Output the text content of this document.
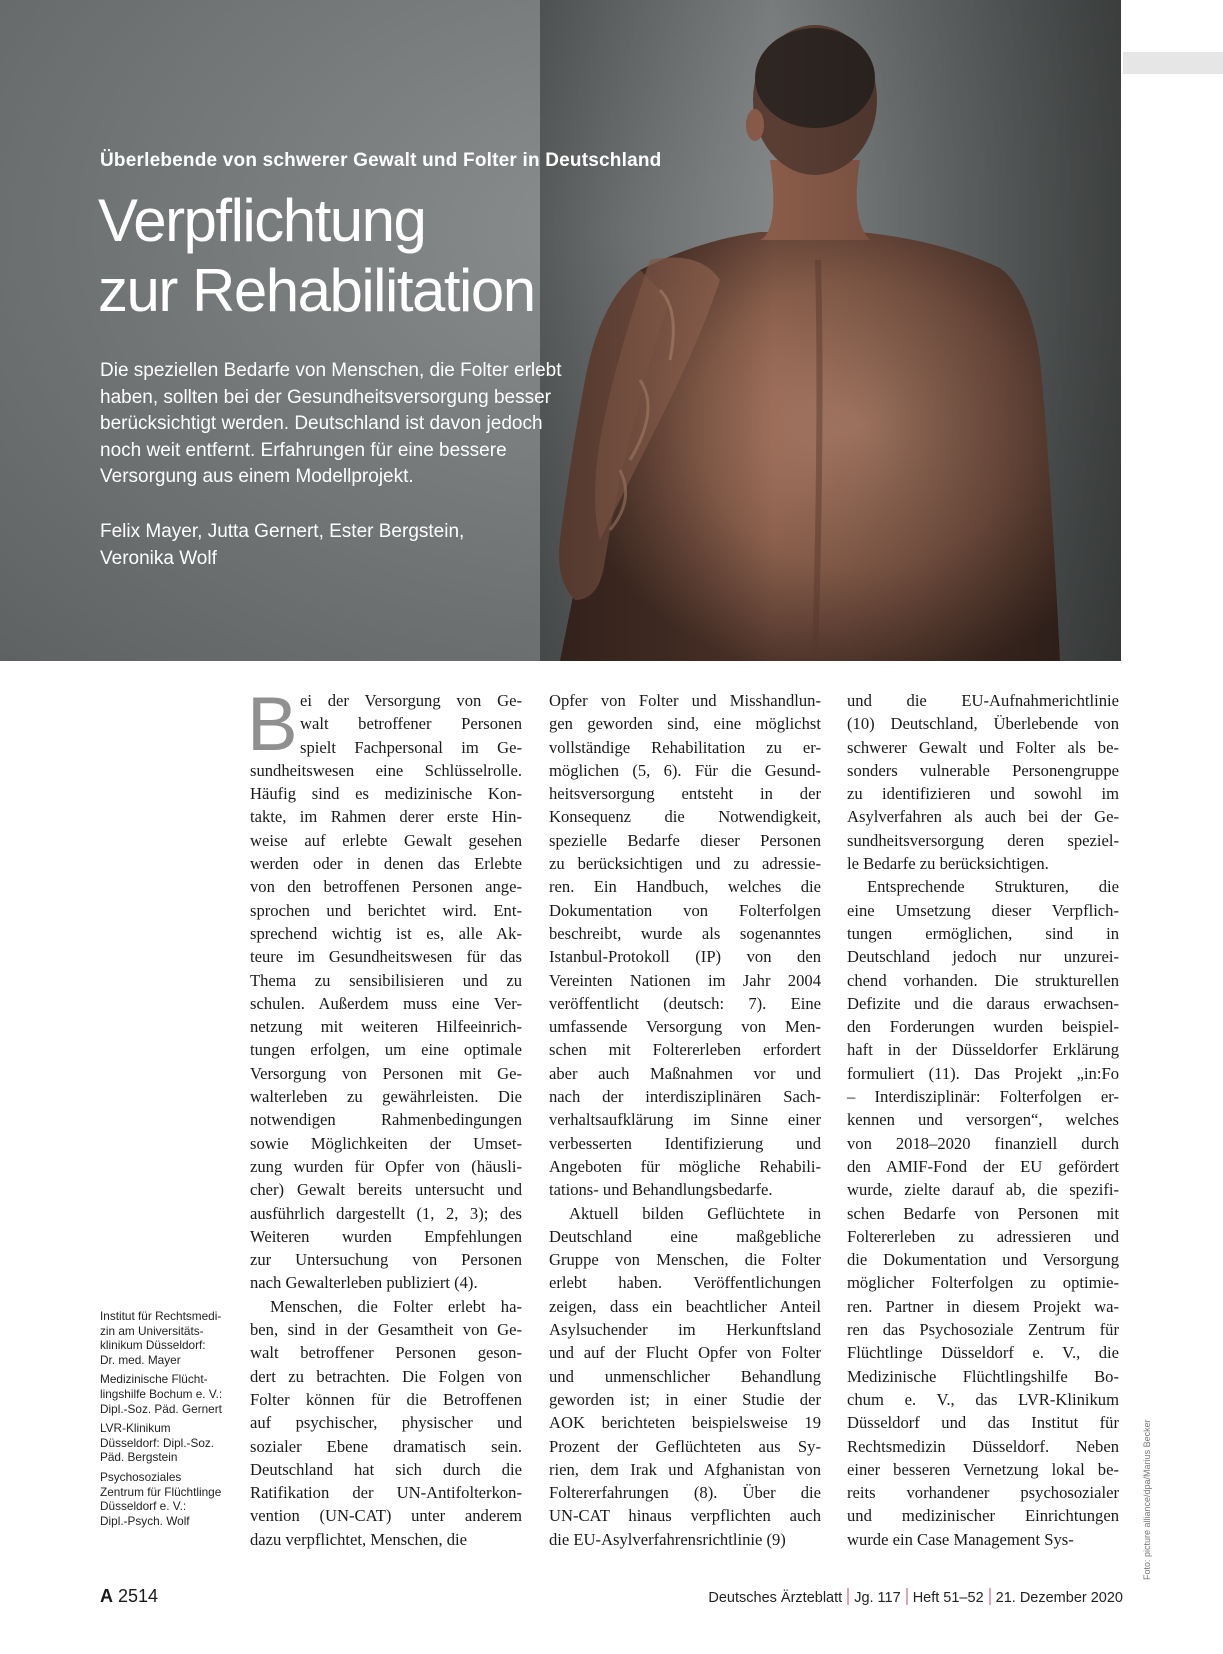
Überlebende von schwerer Gewalt und Folter in Deutschland
Verpflichtung
zur Rehabilitation
Die speziellen Bedarfe von Menschen, die Folter erlebt
haben, sollten bei der Gesundheitsversorgung besser
berücksichtigt werden. Deutschland ist davon jedoch
noch weit entfernt. Erfahrungen für eine bessere
Versorgung aus einem Modellprojekt.
Felix Mayer, Jutta Gernert, Ester Bergstein,
Veronika Wolf
B ei der Versorgung von Ge-
walt betroffener Personen
spielt Fachpersonal im Ge-
sundheitswesen eine Schlüsselrolle.
Häufig sind es medizinische Kon-
takte, im Rahmen derer erste Hin-
weise auf erlebte Gewalt gesehen
werden oder in denen das Erlebte
von den betroffenen Personen ange-
sprochen und berichtet wird. Ent-
sprechend wichtig ist es, alle Ak-
teure im Gesundheitswesen für das
Thema zu sensibilisieren und zu
schulen. Außerdem muss eine Ver-
netzung mit weiteren Hilfeeinrich-
tungen erfolgen, um eine optimale
Versorgung von Personen mit Ge-
walterleben zu gewährleisten. Die
notwendigen Rahmenbedingungen
sowie Möglichkeiten der Umset-
zung wurden für Opfer von (häusli-
cher) Gewalt bereits untersucht und
ausführlich dargestellt (1, 2, 3); des
Weiteren wurden Empfehlungen
zur Untersuchung von Personen
nach Gewalterleben publiziert (4).
Menschen, die Folter erlebt ha-
ben, sind in der Gesamtheit von Ge-
walt betroffener Personen geson-
dert zu betrachten. Die Folgen von
Folter können für die Betroffenen
auf psychischer, physischer und
sozialer Ebene dramatisch sein.
Deutschland hat sich durch die
Ratifikation der UN-Antifolterkon-
vention (UN-CAT) unter anderem
dazu verpflichtet, Menschen, die
Opfer von Folter und Misshandlun-
gen geworden sind, eine möglichst
vollständige Rehabilitation zu er-
möglichen (5, 6). Für die Gesund-
heitsversorgung entsteht in der
Konsequenz die Notwendigkeit,
spezielle Bedarfe dieser Personen
zu berücksichtigen und zu adressie-
ren. Ein Handbuch, welches die
Dokumentation von Folterfolgen
beschreibt, wurde als sogenanntes
Istanbul-Protokoll (IP) von den
Vereinten Nationen im Jahr 2004
veröffentlicht (deutsch: 7). Eine
umfassende Versorgung von Men-
schen mit Foltererleben erfordert
aber auch Maßnahmen vor und
nach der interdisziplinären Sach-
verhaltsaufklärung im Sinne einer
verbesserten Identifizierung und
Angeboten für mögliche Rehabili-
tations- und Behandlungsbedarfe.
Aktuell bilden Geflüchtete in
Deutschland eine maßgebliche
Gruppe von Menschen, die Folter
erlebt haben. Veröffentlichungen
zeigen, dass ein beachtlicher Anteil
Asylsuchender im Herkunftsland
und auf der Flucht Opfer von Folter
und unmenschlicher Behandlung
geworden ist; in einer Studie der
AOK berichteten beispielsweise 19
Prozent der Geflüchteten aus Sy-
rien, dem Irak und Afghanistan von
Foltererfahrungen (8). Über die
UN-CAT hinaus verpflichten auch
die EU-Asylverfahrensrichtlinie (9)
und die EU-Aufnahmerichtlinie
(10) Deutschland, Überlebende von
schwerer Gewalt und Folter als be-
sonders vulnerable Personengruppe
zu identifizieren und sowohl im
Asylverfahren als auch bei der Ge-
sundheitsversorgung deren speziel-
le Bedarfe zu berücksichtigen.
Entsprechende Strukturen, die
eine Umsetzung dieser Verpflich-
tungen ermöglichen, sind in
Deutschland jedoch nur unzurei-
chend vorhanden. Die strukturellen
Defizite und die daraus erwachsen-
den Forderungen wurden beispiel-
haft in der Düsseldorfer Erklärung
formuliert (11). Das Projekt „in:Fo
– Interdisziplinär: Folterfolgen er-
kennen und versorgen“, welches
von 2018–2020 finanziell durch
den AMIF-Fond der EU gefördert
wurde, zielte darauf ab, die spezifi-
schen Bedarfe von Personen mit
Foltererleben zu adressieren und
die Dokumentation und Versorgung
möglicher Folterfolgen zu optimie-
ren. Partner in diesem Projekt wa-
ren das Psychosoziale Zentrum für
Flüchtlinge Düsseldorf e. V., die
Medizinische Flüchtlingshilfe Bo-
chum e. V., das LVR-Klinikum
Düsseldorf und das Institut für
Rechtsmedizin Düsseldorf. Neben
einer besseren Vernetzung lokal be-
reits vorhandener psychosozialer
und medizinischer Einrichtungen
wurde ein Case Management Sys-
Institut für Rechtsmedi-
zin am Universitäts-
klinikum Düsseldorf:
Dr. med. Mayer
Medizinische Flücht-
lingshilfe Bochum e. V.:
Dipl.-Soz. Päd. Gernert
LVR-Klinikum
Düsseldorf: Dipl.-Soz.
Päd. Bergstein
Psychosoziales
Zentrum für Flüchtlinge
Düsseldorf e. V.:
Dipl.-Psych. Wolf	Foto: picture alliance/dpa/Marius Becker
A 2514	Deutsches Ärzteblatt Jg. 117 Heft 51–52 21. Dezember 2020
